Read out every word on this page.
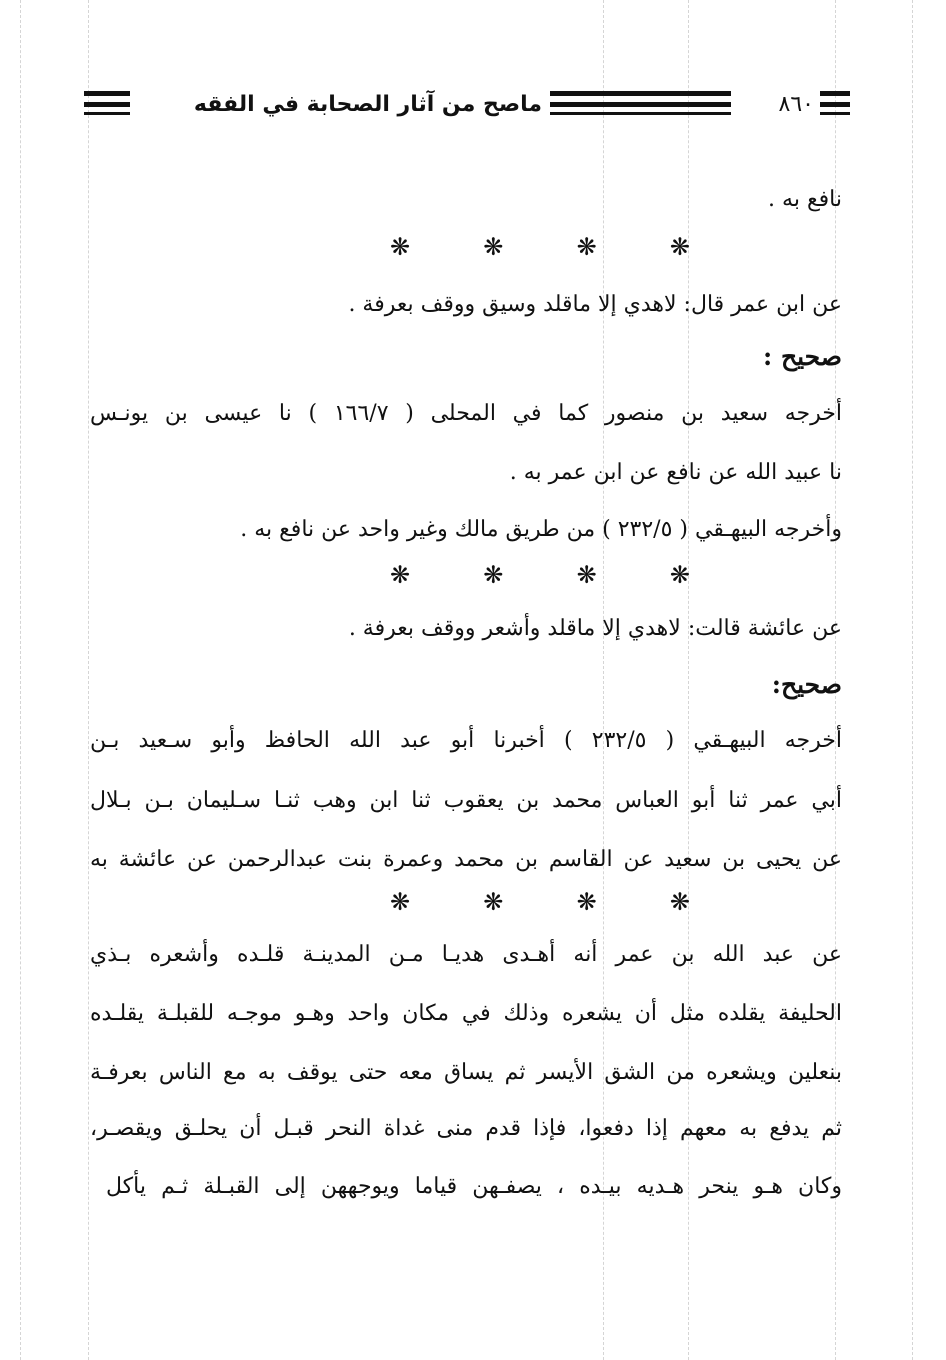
٨٦٠
ماصح من آثار الصحابة في الفقه
نافع به .
❋	❋	❋	❋
عن ابن عمر قال: لاهدي إلا ماقلد وسيق ووقف بعرفة .
صحيح :
أخرجه سعيد بن منصور كما في المحلى ( ١٦٦/٧ ) نا عيسى بن يونـس
نا عبيد الله عن نافع عن ابن عمر به .
وأخرجه البيهـقي ( ٢٣٢/٥ ) من طريق مالك وغير واحد عن نافع به .
❋	❋	❋	❋
عن عائشة قالت: لاهدي إلا ماقلد وأشعر ووقف بعرفة .
صحيح:
أخرجه البيهـقي ( ٢٣٢/٥ ) أخبرنا أبو عبد الله الحافظ وأبو سـعيد بـن
أبي عمر ثنا أبو العباس محمد بن يعقوب ثنا ابن وهب ثنـا سـليمان بـن بـلال
عن يحيى بن سعيد عن القاسم بن محمد وعمرة بنت عبدالرحمن عن عائشة به
❋	❋	❋	❋
عن عبد الله بن عمر أنه أهـدى هديـا مـن المدينـة قلـده وأشعره بـذي
الحليفة يقلده مثل أن يشعره وذلك في مكان واحد وهـو موجـه للقبلـة يقلـده
بنعلين ويشعره من الشق الأيسر ثم يساق معه حتى يوقف به مع الناس بعرفـة
ثم يدفع به معهم إذا دفعوا، فإذا قدم منى غداة النحر قبـل أن يحلـق ويقصـر،
وكان هـو ينحر هـديه بيـده ، يصفـهن قياما ويوجههن إلى القبـلة ثـم يأكل
